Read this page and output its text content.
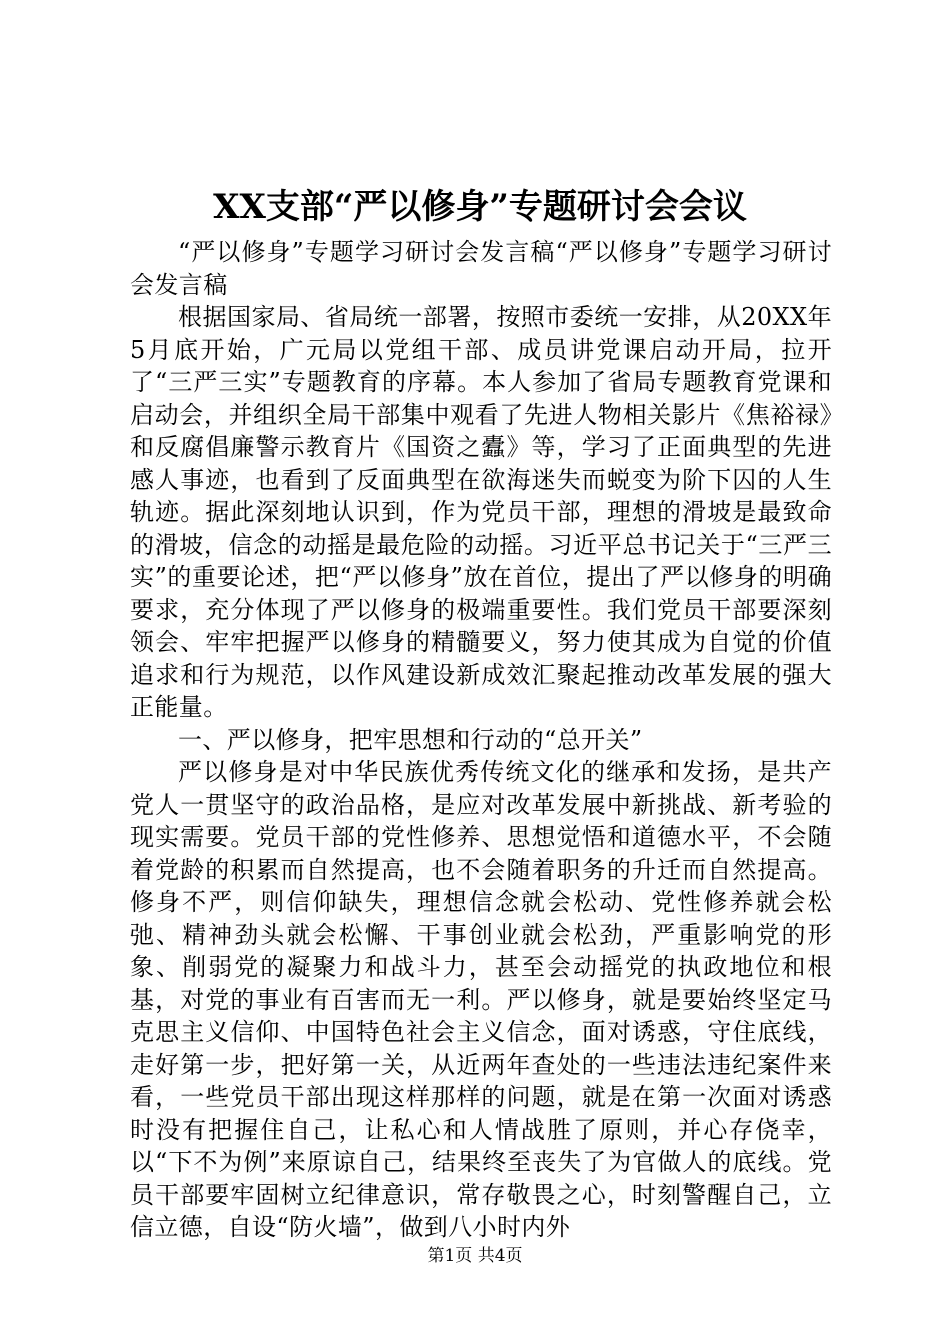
XX支部“严以修身”专题研讨会会议

“严以修身”专题学习研讨会发言稿“严以修身”专题学习研讨会发言稿

根据国家局、省局统一部署，按照市委统一安排，从20XX年5月底开始，广元局以党组干部、成员讲党课启动开局，拉开了“三严三实”专题教育的序幕。本人参加了省局专题教育党课和启动会，并组织全局干部集中观看了先进人物相关影片《焦裕禄》和反腐倡廉警示教育片《国资之蠹》等，学习了正面典型的先进感人事迹，也看到了反面典型在欲海迷失而蜕变为阶下囚的人生轨迹。据此深刻地认识到，作为党员干部，理想的滑坡是最致命的滑坡，信念的动摇是最危险的动摇。习近平总书记关于“三严三实”的重要论述，把“严以修身”放在首位，提出了严以修身的明确要求，充分体现了严以修身的极端重要性。我们党员干部要深刻领会、牢牢把握严以修身的精髓要义，努力使其成为自觉的价值追求和行为规范，以作风建设新成效汇聚起推动改革发展的强大正能量。

一、严以修身，把牢思想和行动的“总开关”

严以修身是对中华民族优秀传统文化的继承和发扬，是共产党人一贯坚守的政治品格，是应对改革发展中新挑战、新考验的现实需要。党员干部的党性修养、思想觉悟和道德水平，不会随着党龄的积累而自然提高，也不会随着职务的升迁而自然提高。修身不严，则信仰缺失，理想信念就会松动、党性修养就会松弛、精神劲头就会松懈、干事创业就会松劲，严重影响党的形象、削弱党的凝聚力和战斗力，甚至会动摇党的执政地位和根基，对党的事业有百害而无一利。严以修身，就是要始终坚定马克思主义信仰、中国特色社会主义信念，面对诱惑，守住底线，走好第一步，把好第一关，从近两年查处的一些违法违纪案件来看，一些党员干部出现这样那样的问题，就是在第一次面对诱惑时没有把握住自己，让私心和人情战胜了原则，并心存侥幸，以“下不为例”来原谅自己，结果终至丧失了为官做人的底线。党员干部要牢固树立纪律意识，常存敬畏之心，时刻警醒自己，立信立德，自设“防火墙”，做到八小时内外

第1页 共4页
